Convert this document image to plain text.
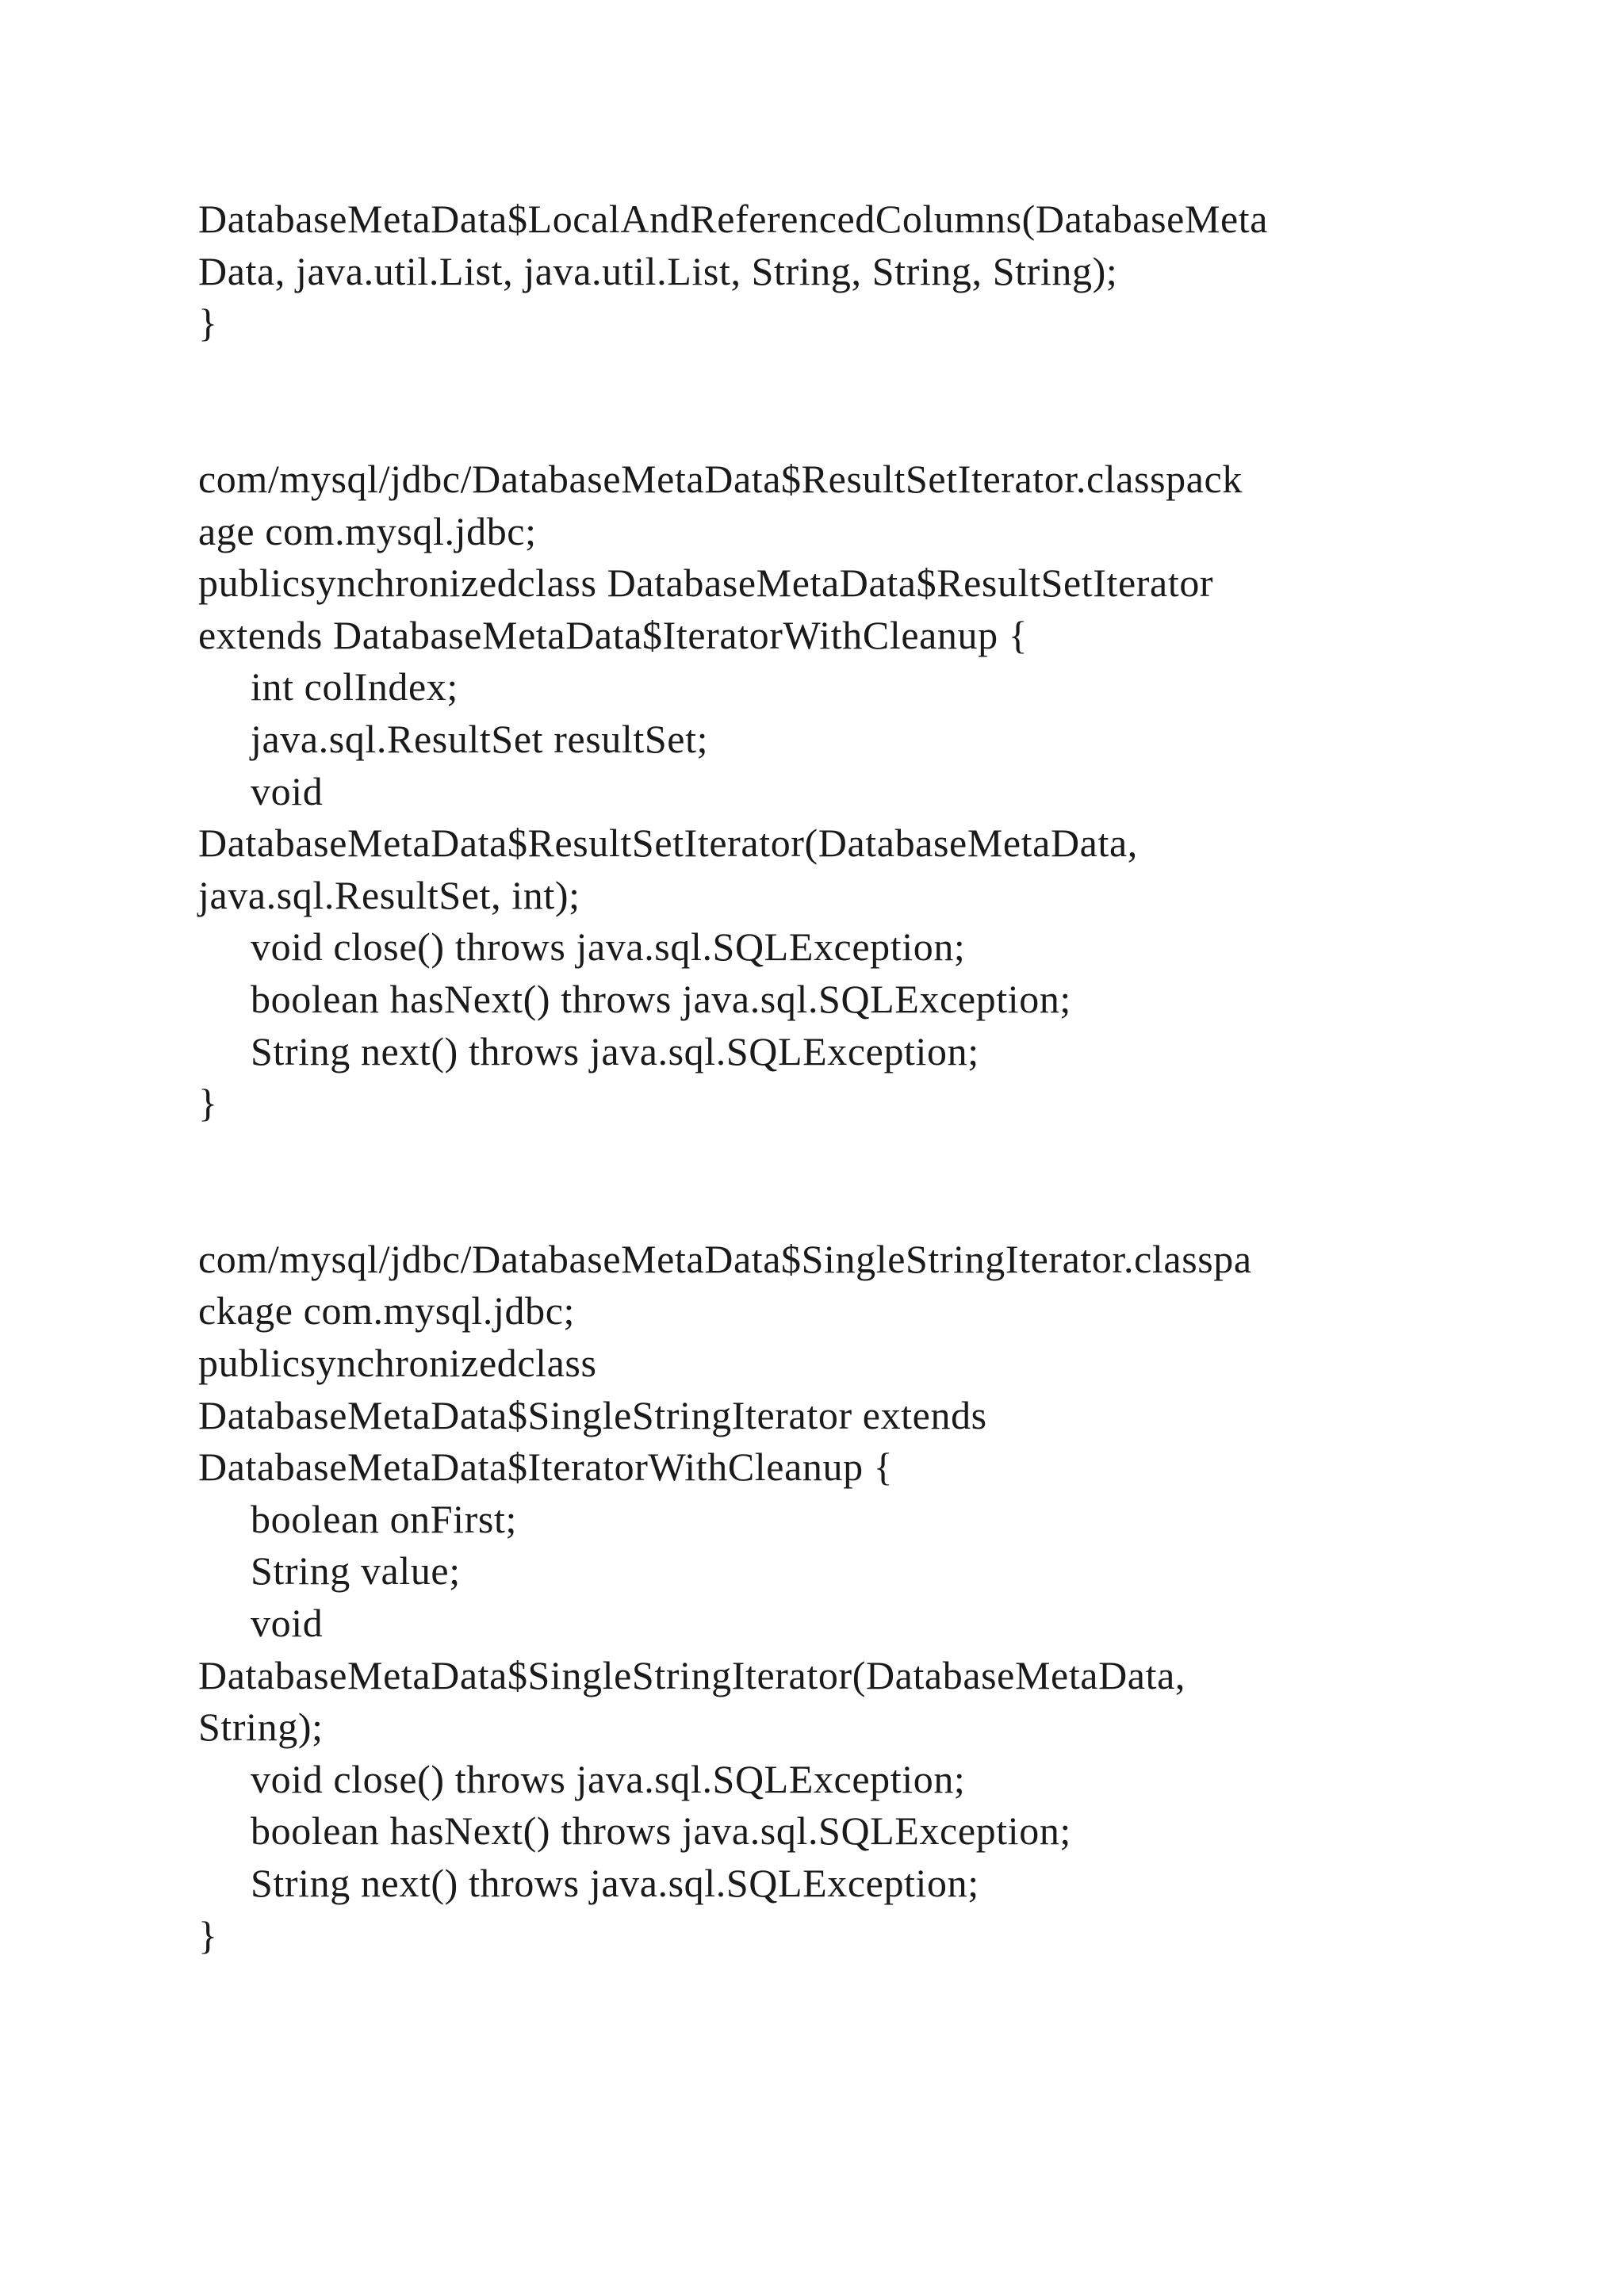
DatabaseMetaData$LocalAndReferencedColumns(DatabaseMeta
Data, java.util.List, java.util.List, String, String, String);
}
com/mysql/jdbc/DatabaseMetaData$ResultSetIterator.classpack
age com.mysql.jdbc;
publicsynchronizedclass DatabaseMetaData$ResultSetIterator
extends DatabaseMetaData$IteratorWithCleanup {
int colIndex;
java.sql.ResultSet resultSet;
void
DatabaseMetaData$ResultSetIterator(DatabaseMetaData,
java.sql.ResultSet, int);
void close() throws java.sql.SQLException;
boolean hasNext() throws java.sql.SQLException;
String next() throws java.sql.SQLException;
}
com/mysql/jdbc/DatabaseMetaData$SingleStringIterator.classpa
ckage com.mysql.jdbc;
publicsynchronizedclass
DatabaseMetaData$SingleStringIterator extends
DatabaseMetaData$IteratorWithCleanup {
boolean onFirst;
String value;
void
DatabaseMetaData$SingleStringIterator(DatabaseMetaData,
String);
void close() throws java.sql.SQLException;
boolean hasNext() throws java.sql.SQLException;
String next() throws java.sql.SQLException;
}
